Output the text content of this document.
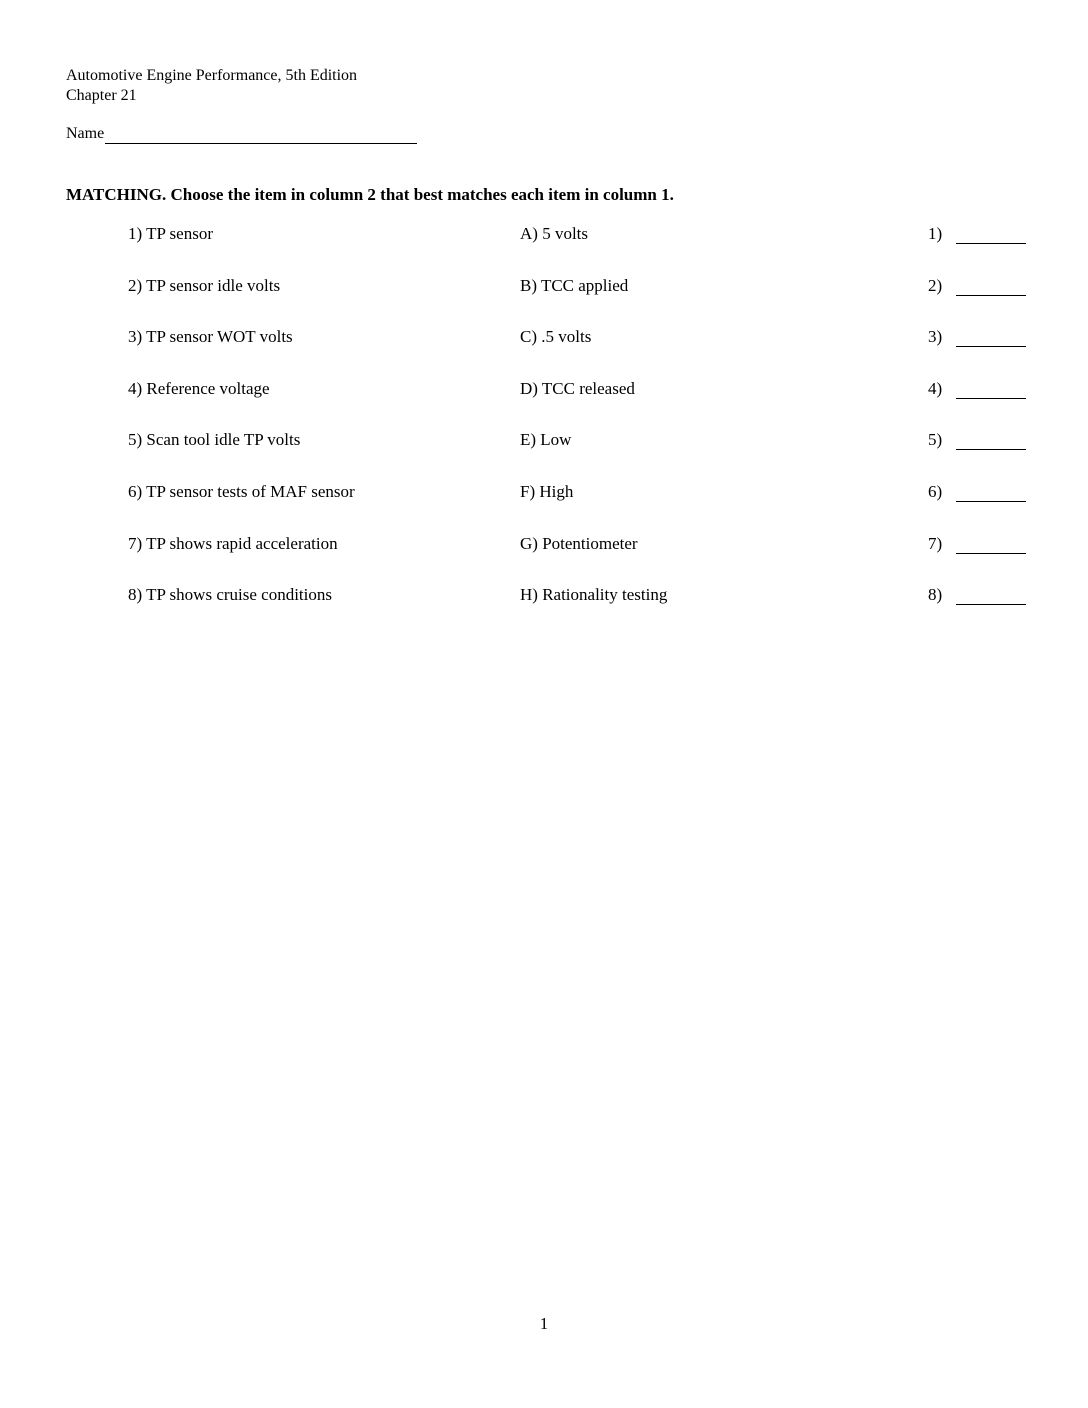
Automotive Engine Performance, 5th Edition
Chapter 21
Name
MATCHING. Choose the item in column 2 that best matches each item in column 1.
1) TP sensor	A) 5 volts	1)
2) TP sensor idle volts	B) TCC applied	2)
3) TP sensor WOT volts	C) .5 volts	3)
4) Reference voltage	D) TCC released	4)
5) Scan tool idle TP volts	E) Low	5)
6) TP sensor tests of MAF sensor	F) High	6)
7) TP shows rapid acceleration	G) Potentiometer	7)
8) TP shows cruise conditions	H) Rationality testing	8)
1
